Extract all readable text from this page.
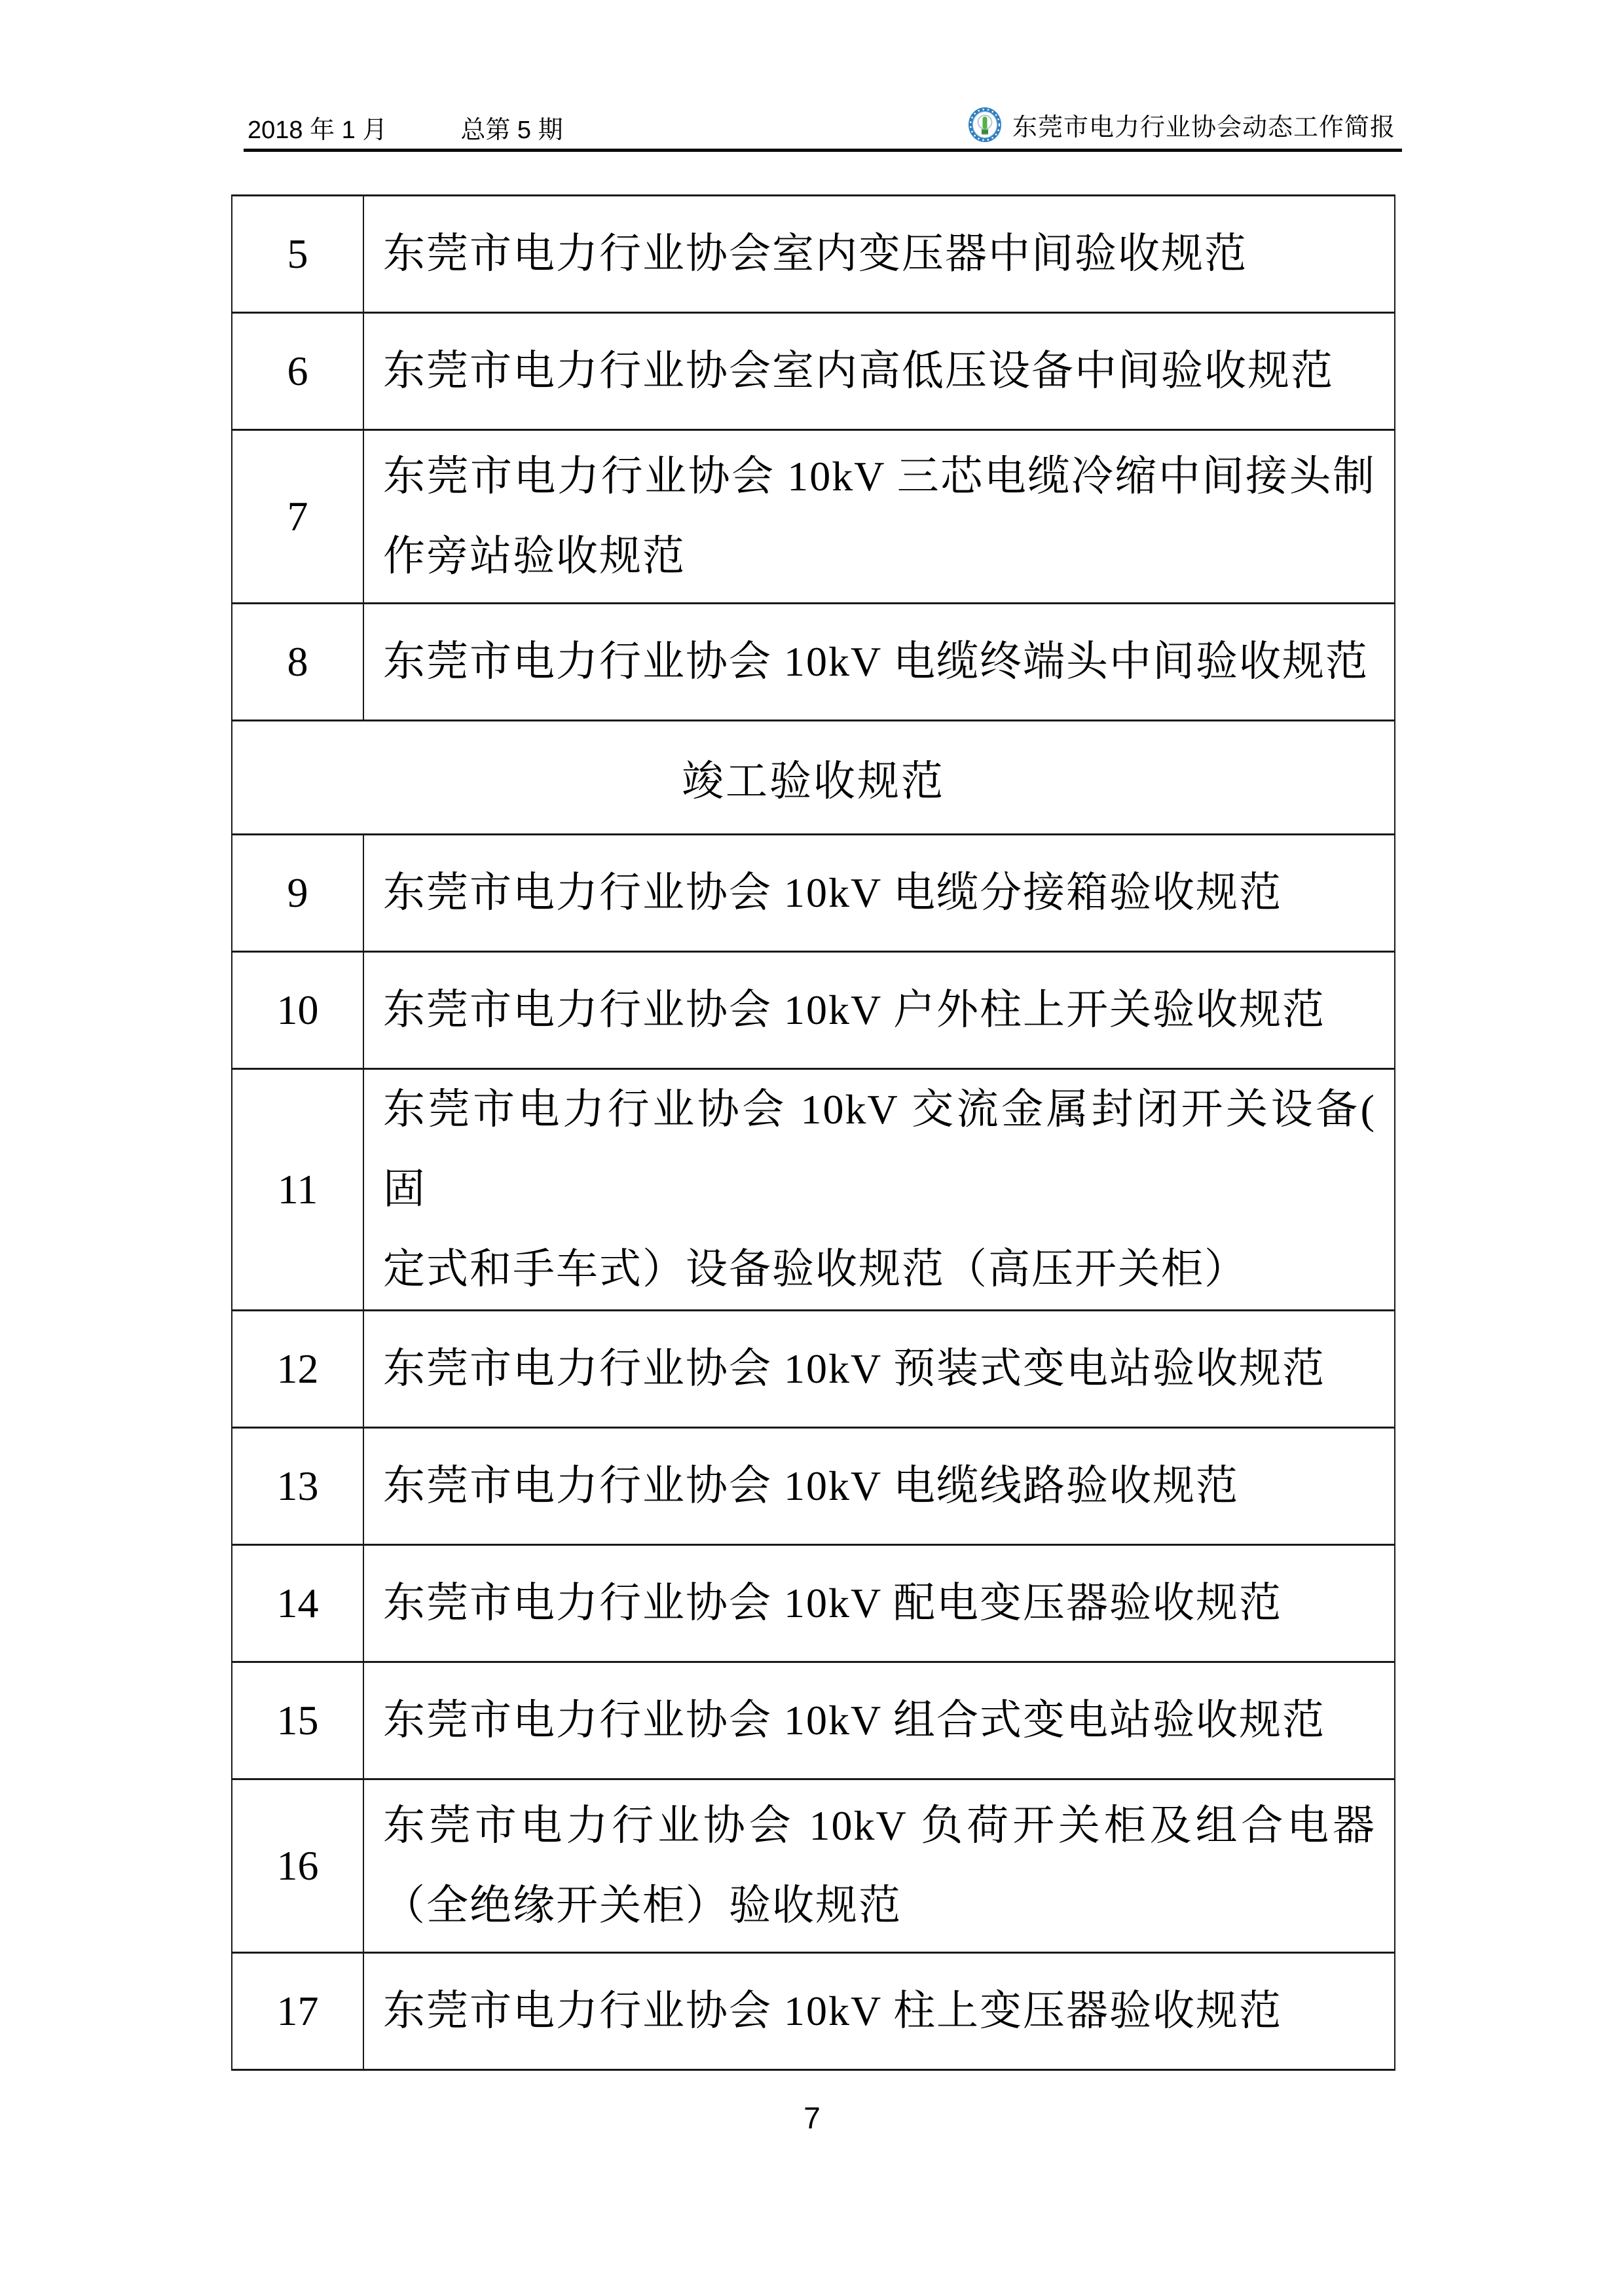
2018 年 1 月	总第 5 期	东莞市电力行业协会动态工作简报
5	东莞市电力行业协会室内变压器中间验收规范

6	东莞市电力行业协会室内高低压设备中间验收规范

7	东莞市电力行业协会 10kV 三芯电缆冷缩中间接头制
作旁站验收规范

8	东莞市电力行业协会 10kV 电缆终端头中间验收规范

竣工验收规范	
9	东莞市电力行业协会 10kV 电缆分接箱验收规范

10	东莞市电力行业协会 10kV 户外柱上开关验收规范

11	东莞市电力行业协会 10kV 交流金属封闭开关设备( 固
定式和手车式）设备验收规范（高压开关柜）

12	东莞市电力行业协会 10kV 预装式变电站验收规范

13	东莞市电力行业协会 10kV 电缆线路验收规范

14	东莞市电力行业协会 10kV 配电变压器验收规范

15	东莞市电力行业协会 10kV 组合式变电站验收规范

16	东莞市电力行业协会 10kV 负荷开关柜及组合电器
（全绝缘开关柜）验收规范

17	东莞市电力行业协会 10kV 柱上变压器验收规范
7
